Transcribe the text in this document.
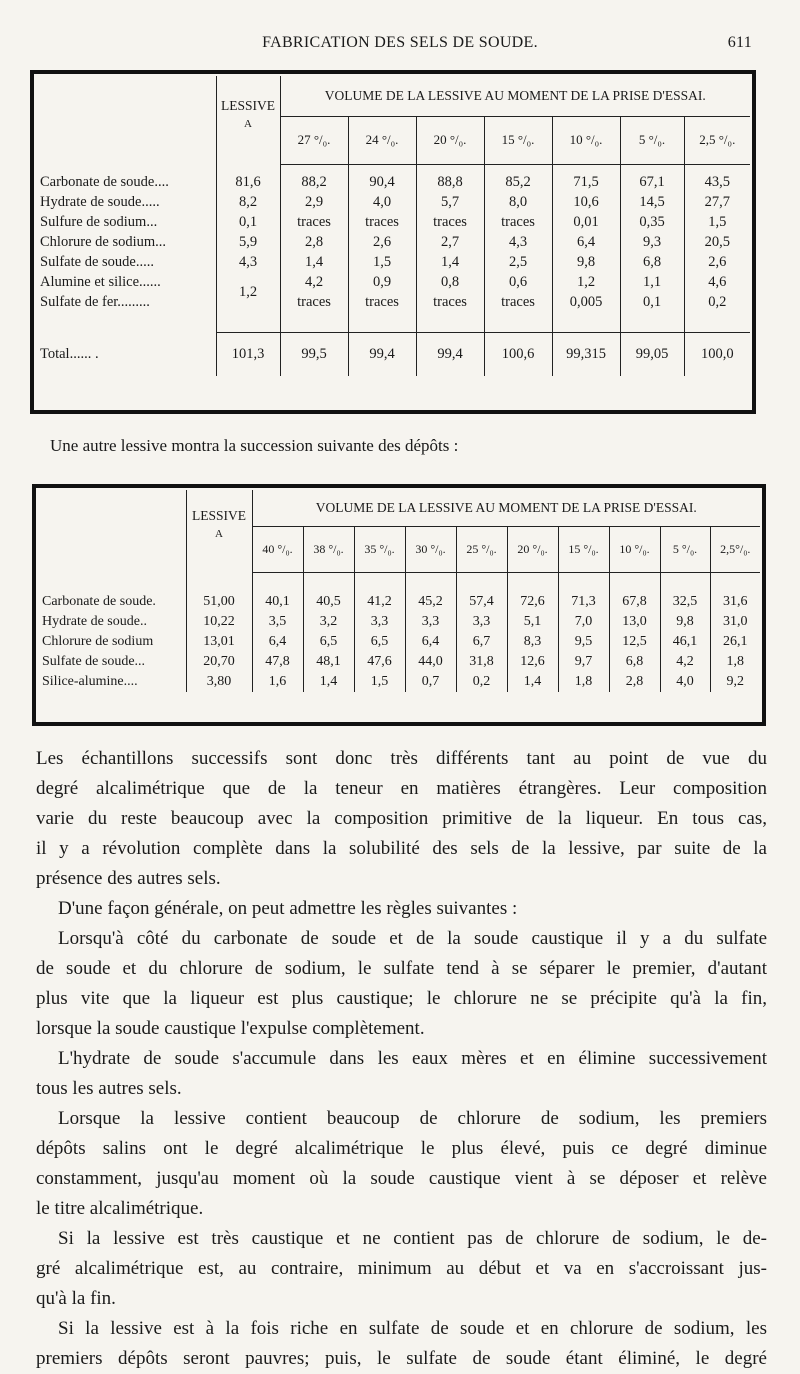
FABRICATION DES SELS DE SOUDE.	611
	LESSIVE	VOLUME DE LA LESSIVE AU MOMENT DE LA PRISE D'ESSAI.						
	A	27 °/₀.	24 °/₀.	20 °/₀.	15 °/₀.	10 °/₀.	5 °/₀.	2,5 °/₀.

Carbonate de soude....	81,6	88,2	90,4	88,8	85,2	71,5	67,1	43,5
Hydrate de soude.....	8,2	2,9	4,0	5,7	8,0	10,6	14,5	27,7
Sulfure de sodium...	0,1	traces	traces	traces	traces	0,01	0,35	1,5
Chlorure de sodium...	5,9	2,8	2,6	2,7	4,3	6,4	9,3	20,5
Sulfate de soude.....	4,3	1,4	1,5	1,4	2,5	9,8	6,8	2,6
Alumine et silice......	1,2	4,2	0,9	0,8	0,6	1,2	1,1	4,6
Sulfate de fer.........		traces	traces	traces	traces	0,005	0,1	0,2

Total...... .	101,3	99,5	99,4	99,4	100,6	99,315	99,05	100,0
Une autre lessive montra la succession suivante des dépôts :
	LESSIVE	VOLUME DE LA LESSIVE AU MOMENT DE LA PRISE D'ESSAI.									
	A	40 °/₀.	38 °/₀.	35 °/₀.	30 °/₀.	25 °/₀.	20 °/₀.	15 °/₀.	10 °/₀.	5 °/₀.	2,5°/₀.

Carbonate de soude.	51,00	40,1	40,5	41,2	45,2	57,4	72,6	71,3	67,8	32,5	31,6
Hydrate de soude..	10,22	3,5	3,2	3,3	3,3	3,3	5,1	7,0	13,0	9,8	31,0
Chlorure de sodium	13,01	6,4	6,5	6,5	6,4	6,7	8,3	9,5	12,5	46,1	26,1
Sulfate de soude...	20,70	47,8	48,1	47,6	44,0	31,8	12,6	9,7	6,8	4,2	1,8
Silice-alumine....	3,80	1,6	1,4	1,5	0,7	0,2	1,4	1,8	2,8	4,0	9,2
Les échantillons successifs sont donc très différents tant au point de vue du
degré alcalimétrique que de la teneur en matières étrangères. Leur composition
varie du reste beaucoup avec la composition primitive de la liqueur. En tous cas,
il y a révolution complète dans la solubilité des sels de la lessive, par suite de la
présence des autres sels.
D'une façon générale, on peut admettre les règles suivantes :
Lorsqu'à côté du carbonate de soude et de la soude caustique il y a du sulfate
de soude et du chlorure de sodium, le sulfate tend à se séparer le premier, d'autant
plus vite que la liqueur est plus caustique; le chlorure ne se précipite qu'à la fin,
lorsque la soude caustique l'expulse complètement.
L'hydrate de soude s'accumule dans les eaux mères et en élimine successivement
tous les autres sels.
Lorsque la lessive contient beaucoup de chlorure de sodium, les premiers
dépôts salins ont le degré alcalimétrique le plus élevé, puis ce degré diminue
constamment, jusqu'au moment où la soude caustique vient à se déposer et relève
le titre alcalimétrique.
Si la lessive est très caustique et ne contient pas de chlorure de sodium, le de-
gré alcalimétrique est, au contraire, minimum au début et va en s'accroissant jus-
qu'à la fin.
Si la lessive est à la fois riche en sulfate de soude et en chlorure de sodium, les
premiers dépôts seront pauvres; puis, le sulfate de soude étant éliminé, le degré
